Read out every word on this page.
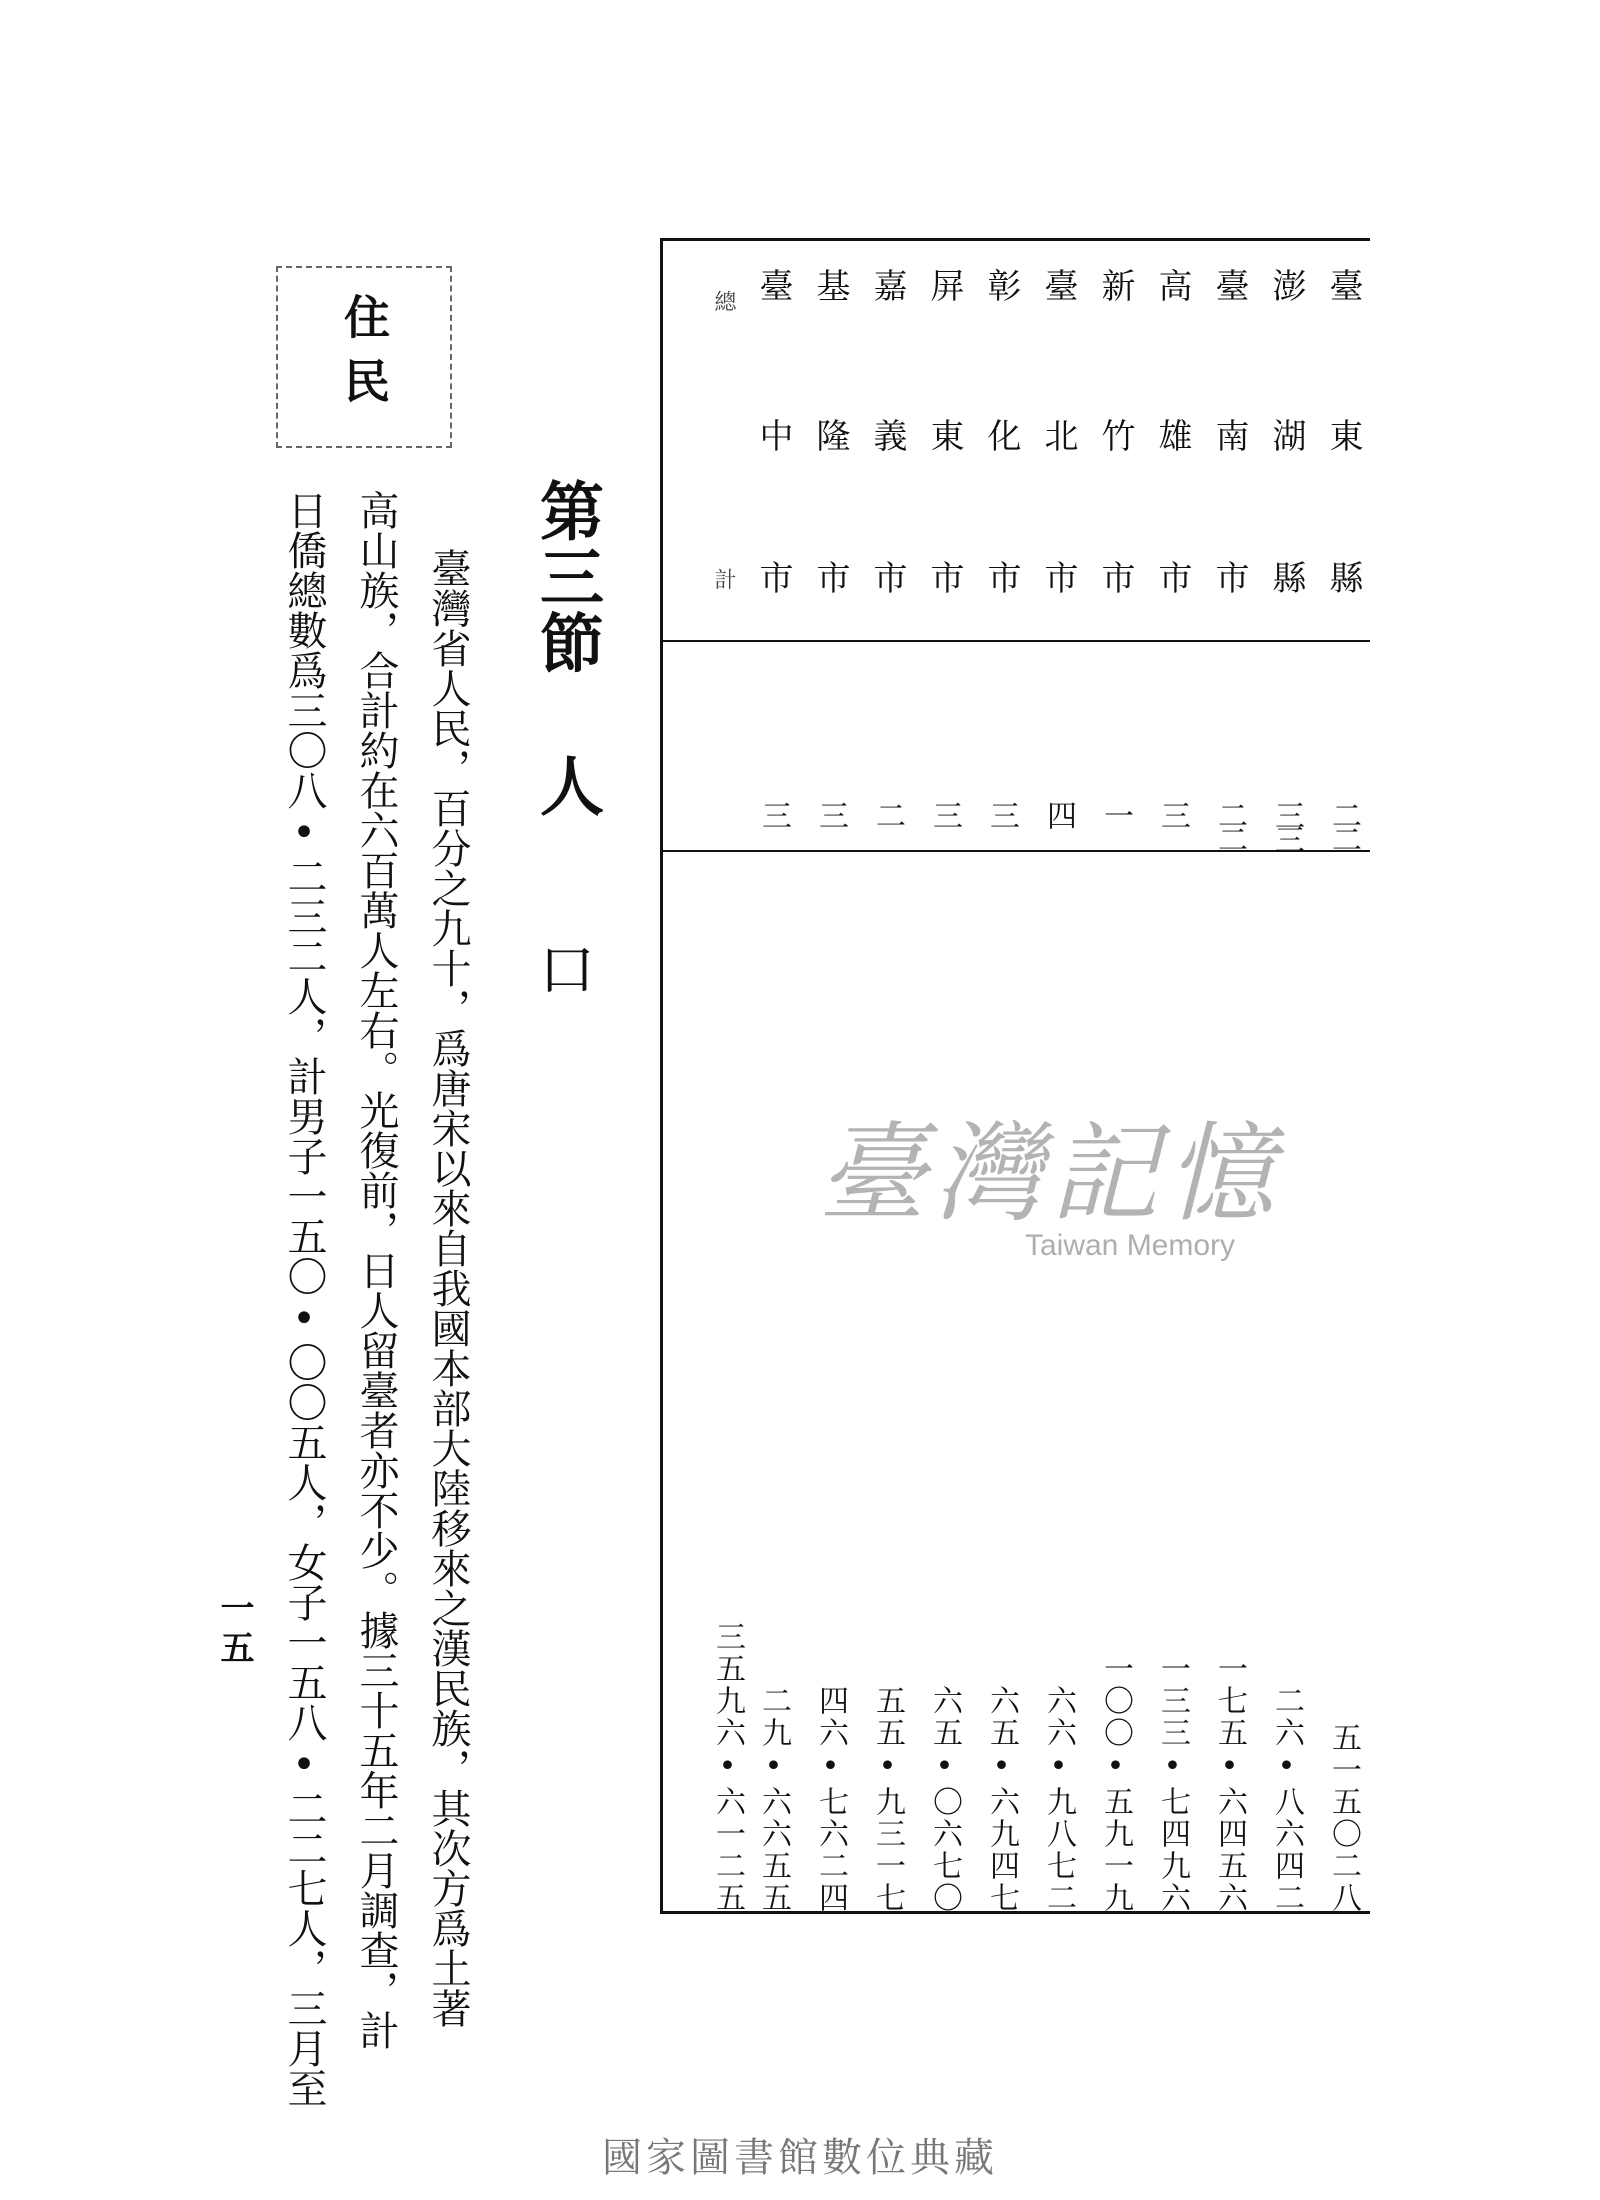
臺
東
縣
二二
五一五〇二八
澎
湖
縣
三三
二六•八六四二
臺
南
市
二二
一七五•六四五六
高
雄
市
三
一三三•七四九六
新
竹
市
一
一〇〇•五九一九
臺
北
市
四
六六•九八七二
彰
化
市
三
六五•六九四七
屏
東
市
三
六五•〇六七〇
嘉
義
市
二
五五•九三一七
基
隆
市
三
四六•七六二四
臺
中
市
三
二九•六六五五
總
計
三五九六•六一二五
住民
第三節 人
口

臺灣省人民，百分之九十，爲唐宋以來自我國本部大陸移來之漢民族，其次方爲土著

高山族，合計約在六百萬人左右。光復前，日人留臺者亦不少。據三十五年二月調查，計

日僑總數爲三〇八•二三二人，計男子一五〇•〇〇五人，女子一五八•二二七人，三月至

一五
臺灣記憶
Taiwan Memory
國家圖書館數位典藏
